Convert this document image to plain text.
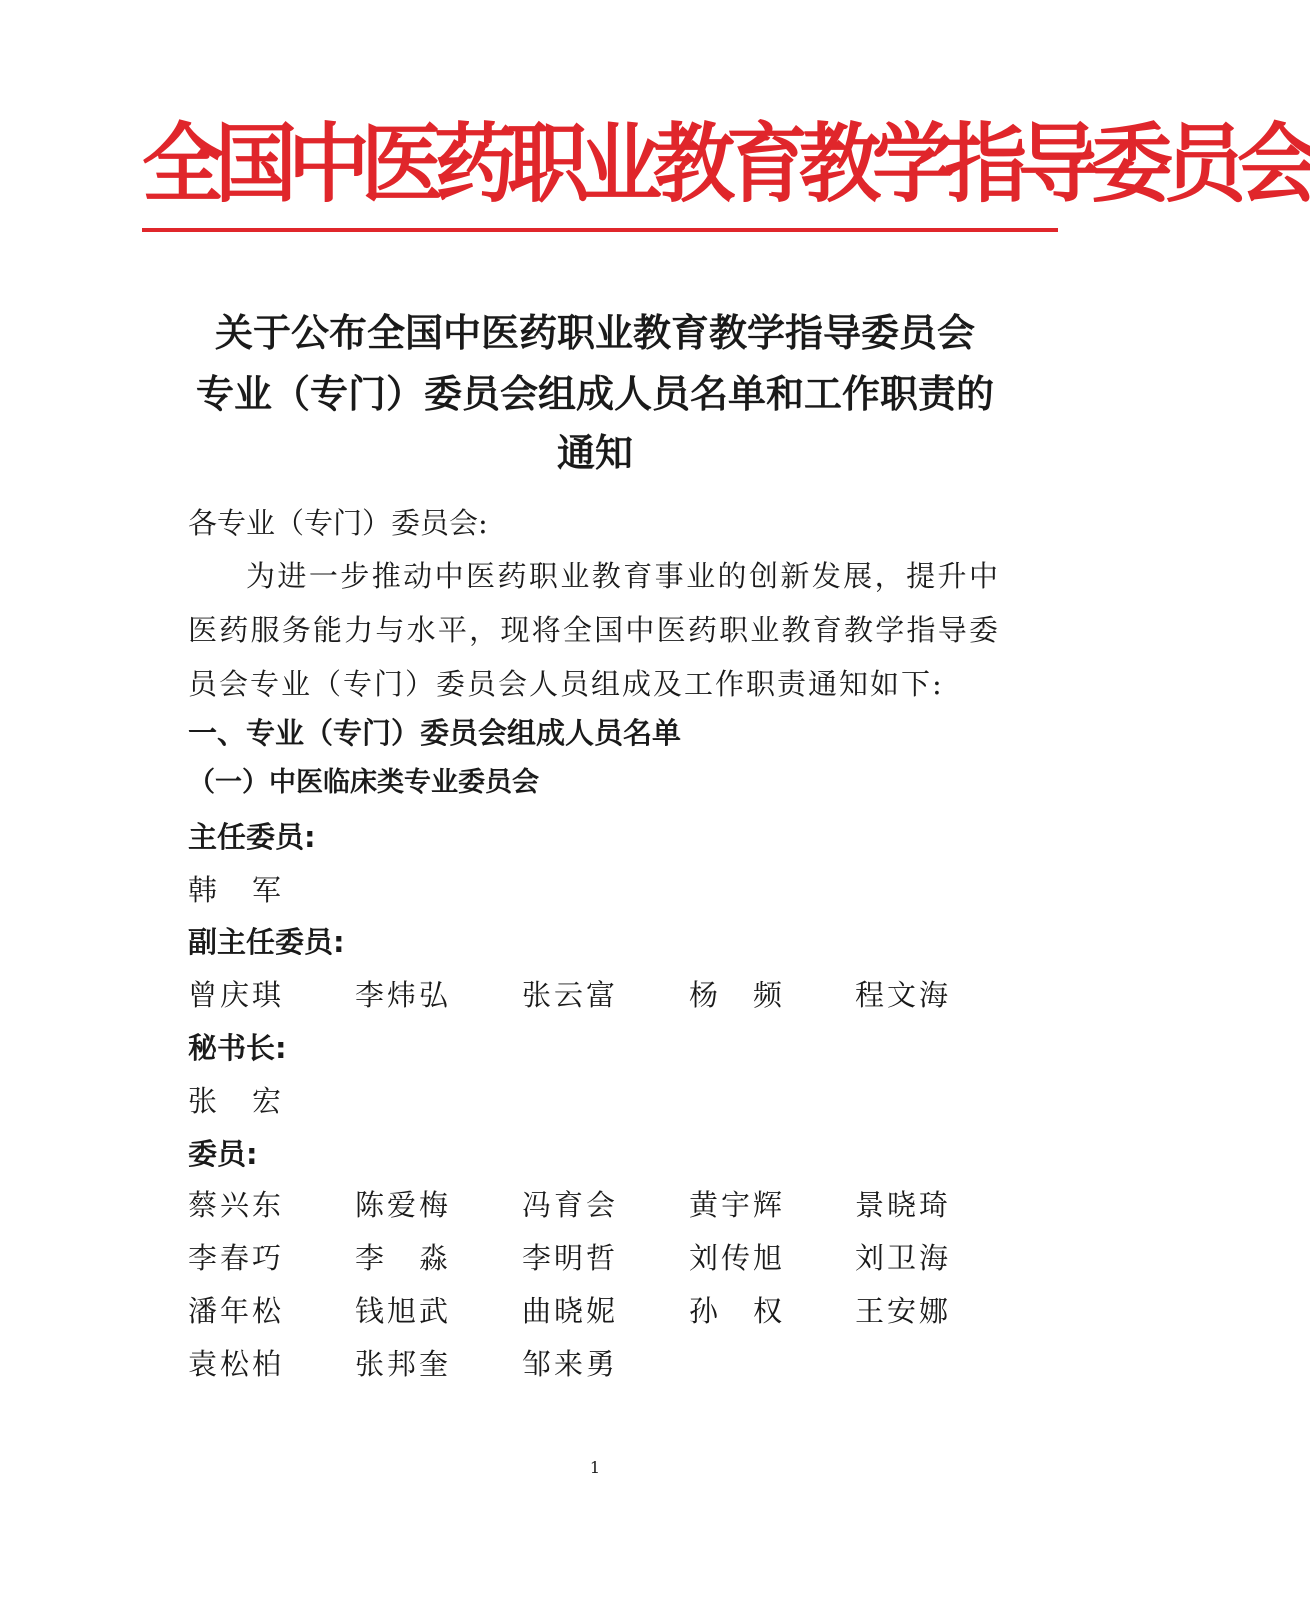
全国中医药职业教育教学指导委员会
关于公布全国中医药职业教育教学指导委员会
专业（专门）委员会组成人员名单和工作职责的
通知
各专业（专门）委员会:
为进一步推动中医药职业教育事业的创新发展，提升中医药服务能力与水平，现将全国中医药职业教育教学指导委员会专业（专门）委员会人员组成及工作职责通知如下:
一、专业（专门）委员会组成人员名单
（一）中医临床类专业委员会
主任委员:
韩　军
副主任委员:
曾庆琪 李炜弘 张云富 杨　频 程文海
秘书长:
张　宏
委员:
蔡兴东 陈爱梅 冯育会 黄宇辉 景晓琦
李春巧 李　淼 李明哲 刘传旭 刘卫海
潘年松 钱旭武 曲晓妮 孙　权 王安娜
袁松柏 张邦奎 邹来勇
1
